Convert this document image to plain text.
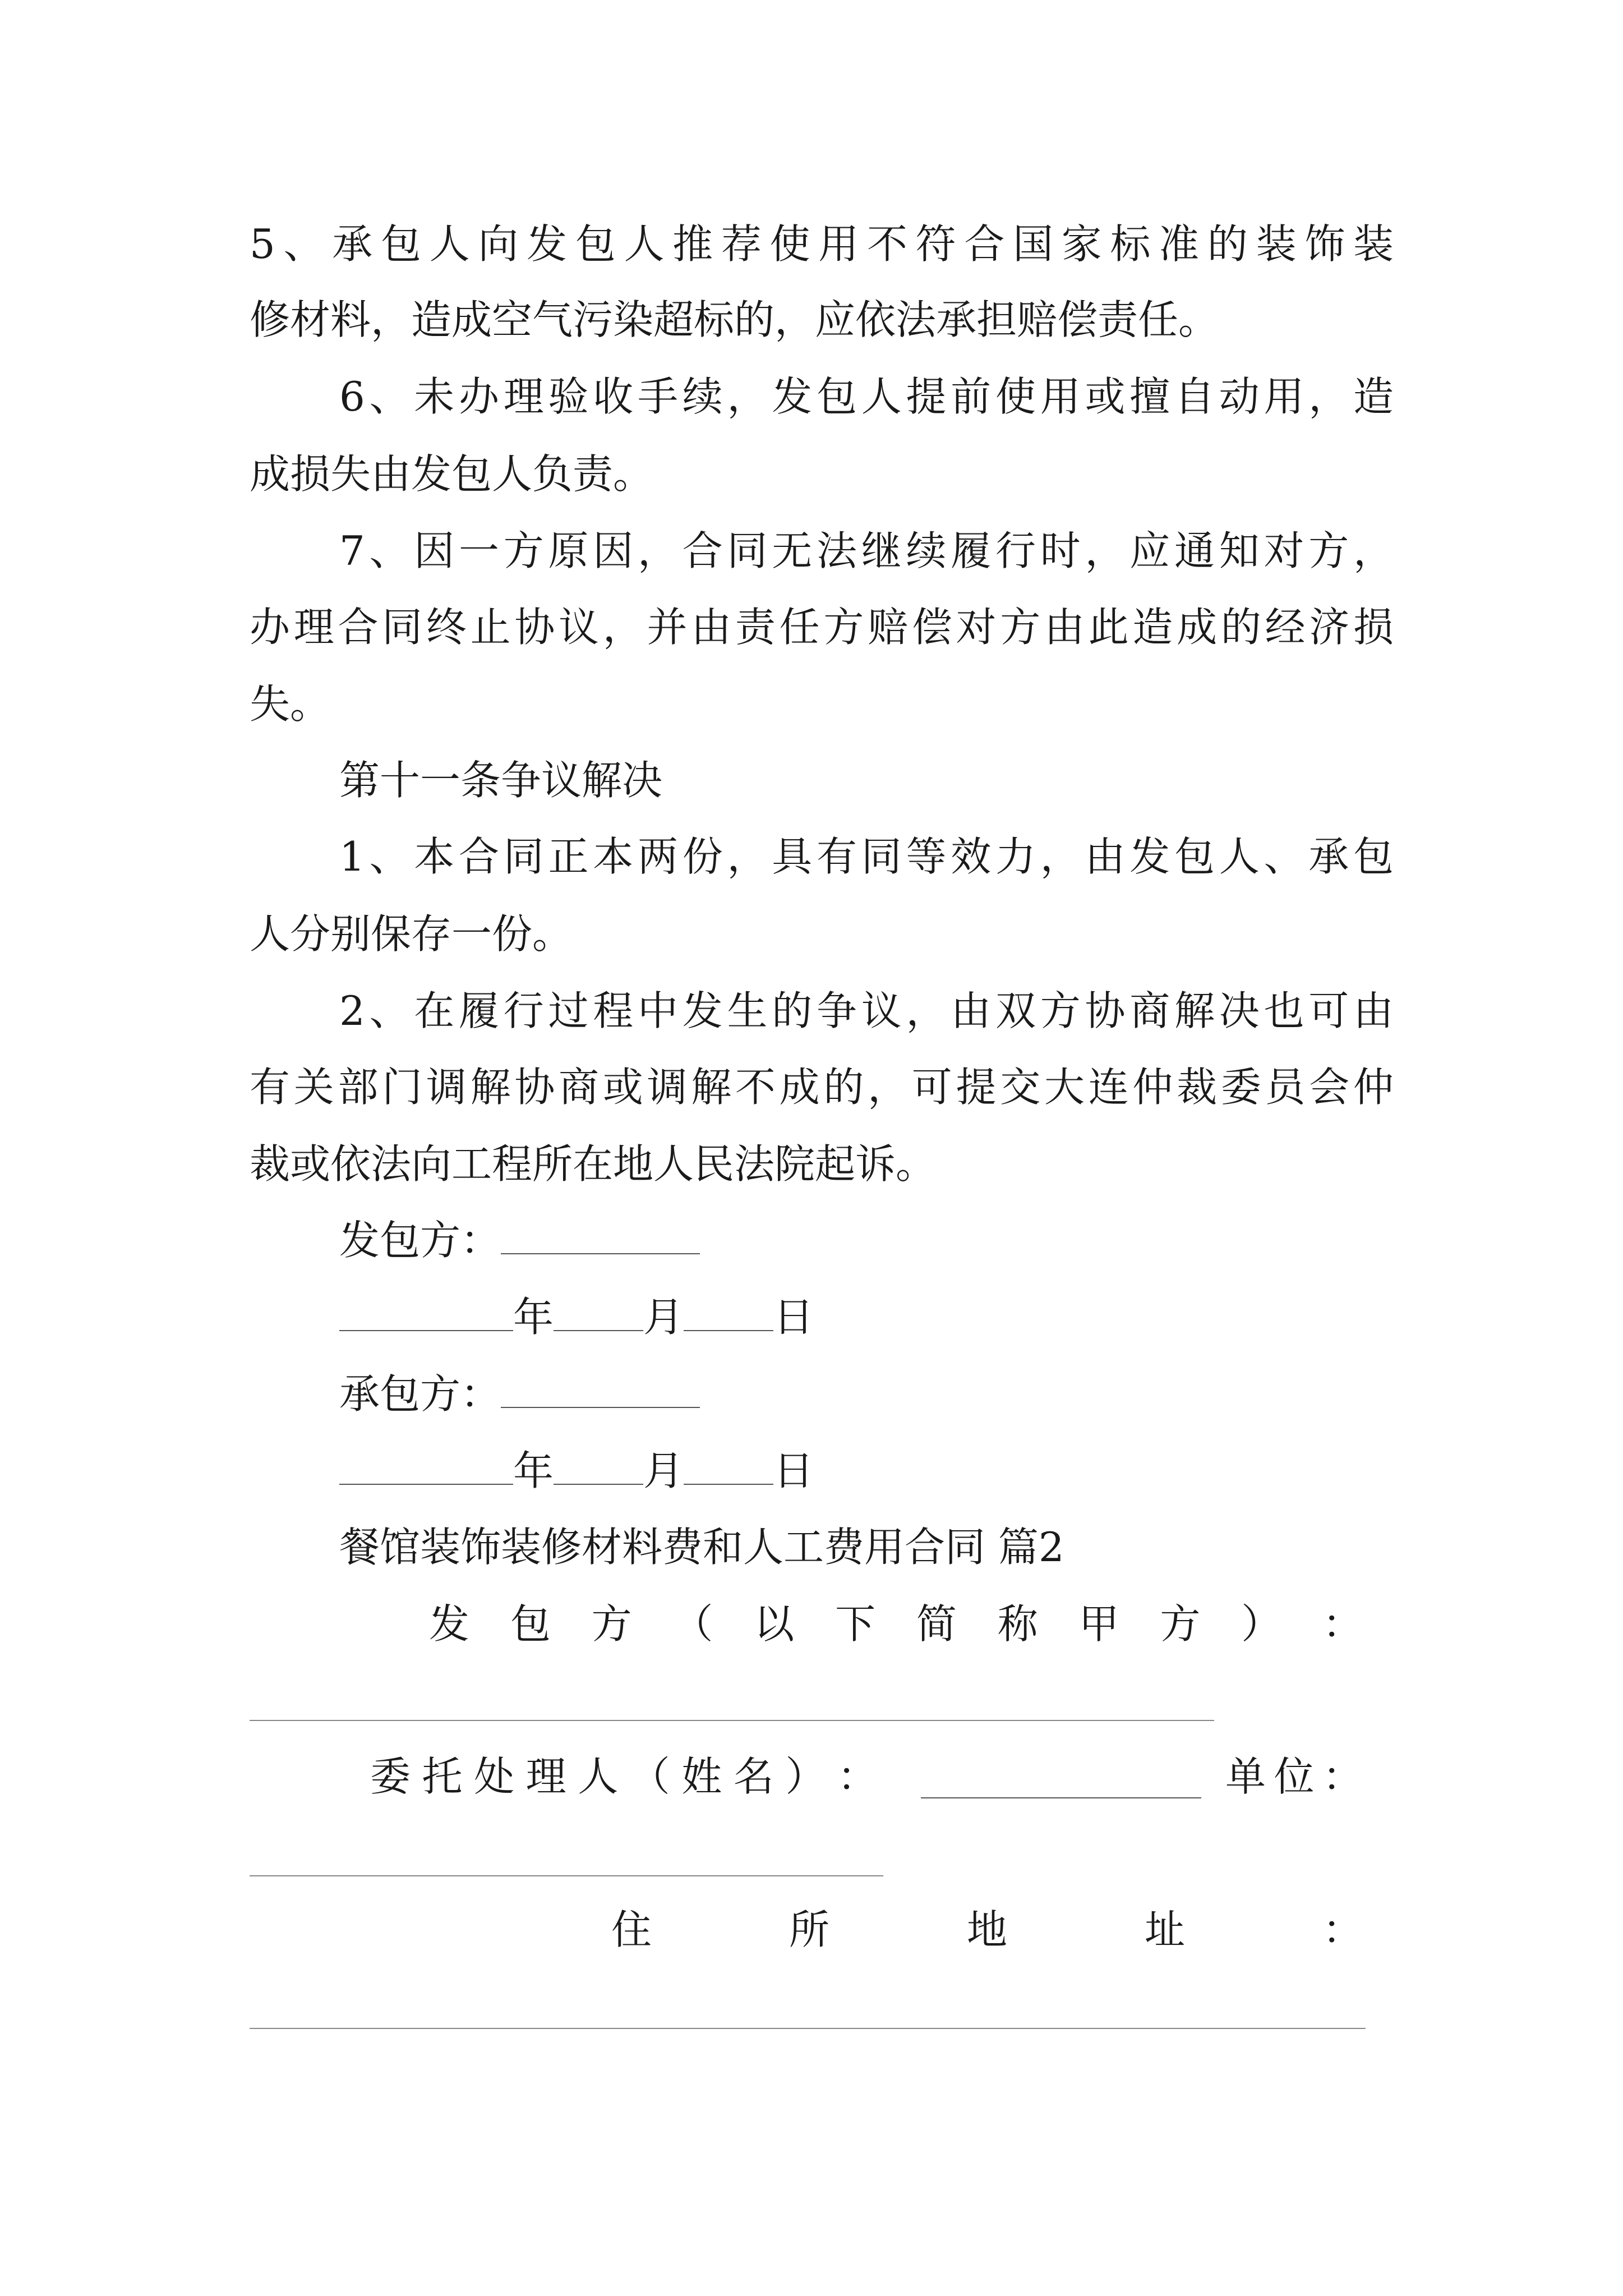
5、承包人向发包人推荐使用不符合国家标准的装饰装
修材料，造成空气污染超标的，应依法承担赔偿责任。
6、未办理验收手续，发包人提前使用或擅自动用，造
成损失由发包人负责。
7、因一方原因，合同无法继续履行时，应通知对方，
办理合同终止协议，并由责任方赔偿对方由此造成的经济损
失。
第十一条争议解决
1、本合同正本两份，具有同等效力，由发包人、承包
人分别保存一份。
2、在履行过程中发生的争议，由双方协商解决也可由
有关部门调解协商或调解不成的，可提交大连仲裁委员会仲
裁或依法向工程所在地人民法院起诉。
发包方：
年 月 日
承包方：
年 月 日
餐馆装饰装修材料费和人工费用合同 篇2
发 包 方 （ 以 下 简 称 甲 方 ） ：
委 托 处 理 人 （ 姓 名 ） ：	单 位 ：
住	所	地	址	：
